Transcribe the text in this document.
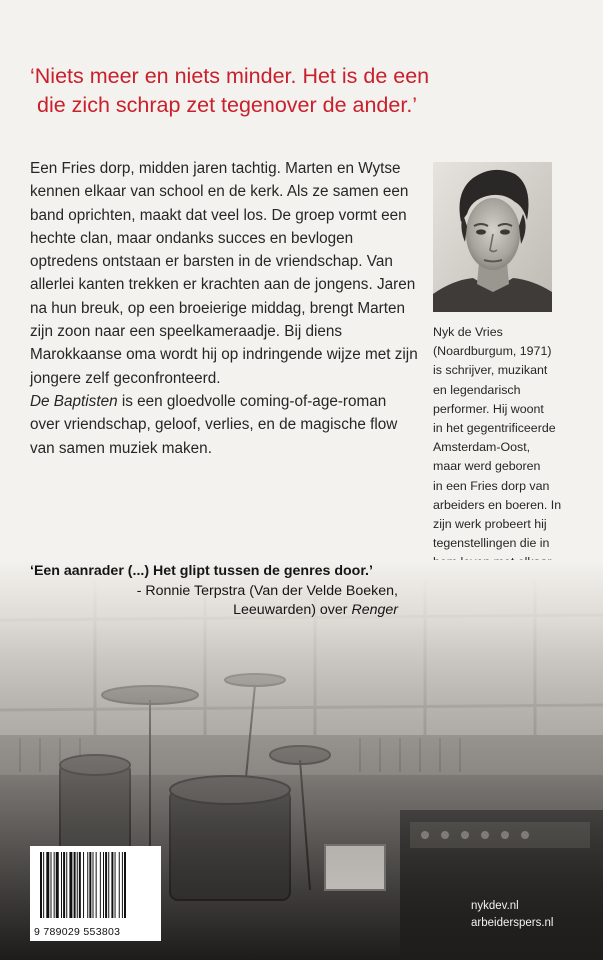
‘Niets meer en niets minder. Het is de een
die zich schrap zet tegenover de ander.’

Een Fries dorp, midden jaren tachtig. Marten en Wytse kennen elkaar van school en de kerk. Als ze samen een band oprichten, maakt dat veel los. De groep vormt een hechte clan, maar ondanks succes en bevlogen optredens ontstaan er barsten in de vriendschap. Van allerlei kanten trekken er krachten aan de jongens. Jaren na hun breuk, op een broeierige middag, brengt Marten zijn zoon naar een speelkameraadje. Bij diens Marokkaanse oma wordt hij op indringende wijze met zijn jongere zelf geconfronteerd.

De Baptisten is een gloedvolle coming-of-age-roman over vriendschap, geloof, verlies, en de magische flow van samen muziek maken.

Nyk de Vries
(Noardburgum, 1971)
is schrijver, muzikant
en legendarisch
performer. Hij woont
in het gegentrificeerde
Amsterdam-Oost,
maar werd geboren
in een Fries dorp van
arbeiders en boeren. In
zijn werk probeert hij
tegenstellingen die in
‘Een aanrader (...) Het glipt tussen de genres door.’
- Ronnie Terpstra (Van der Velde Boeken,
Leeuwarden) over Renger
9 789029 553803
nykdev.nl
arbeiderspers.nl
